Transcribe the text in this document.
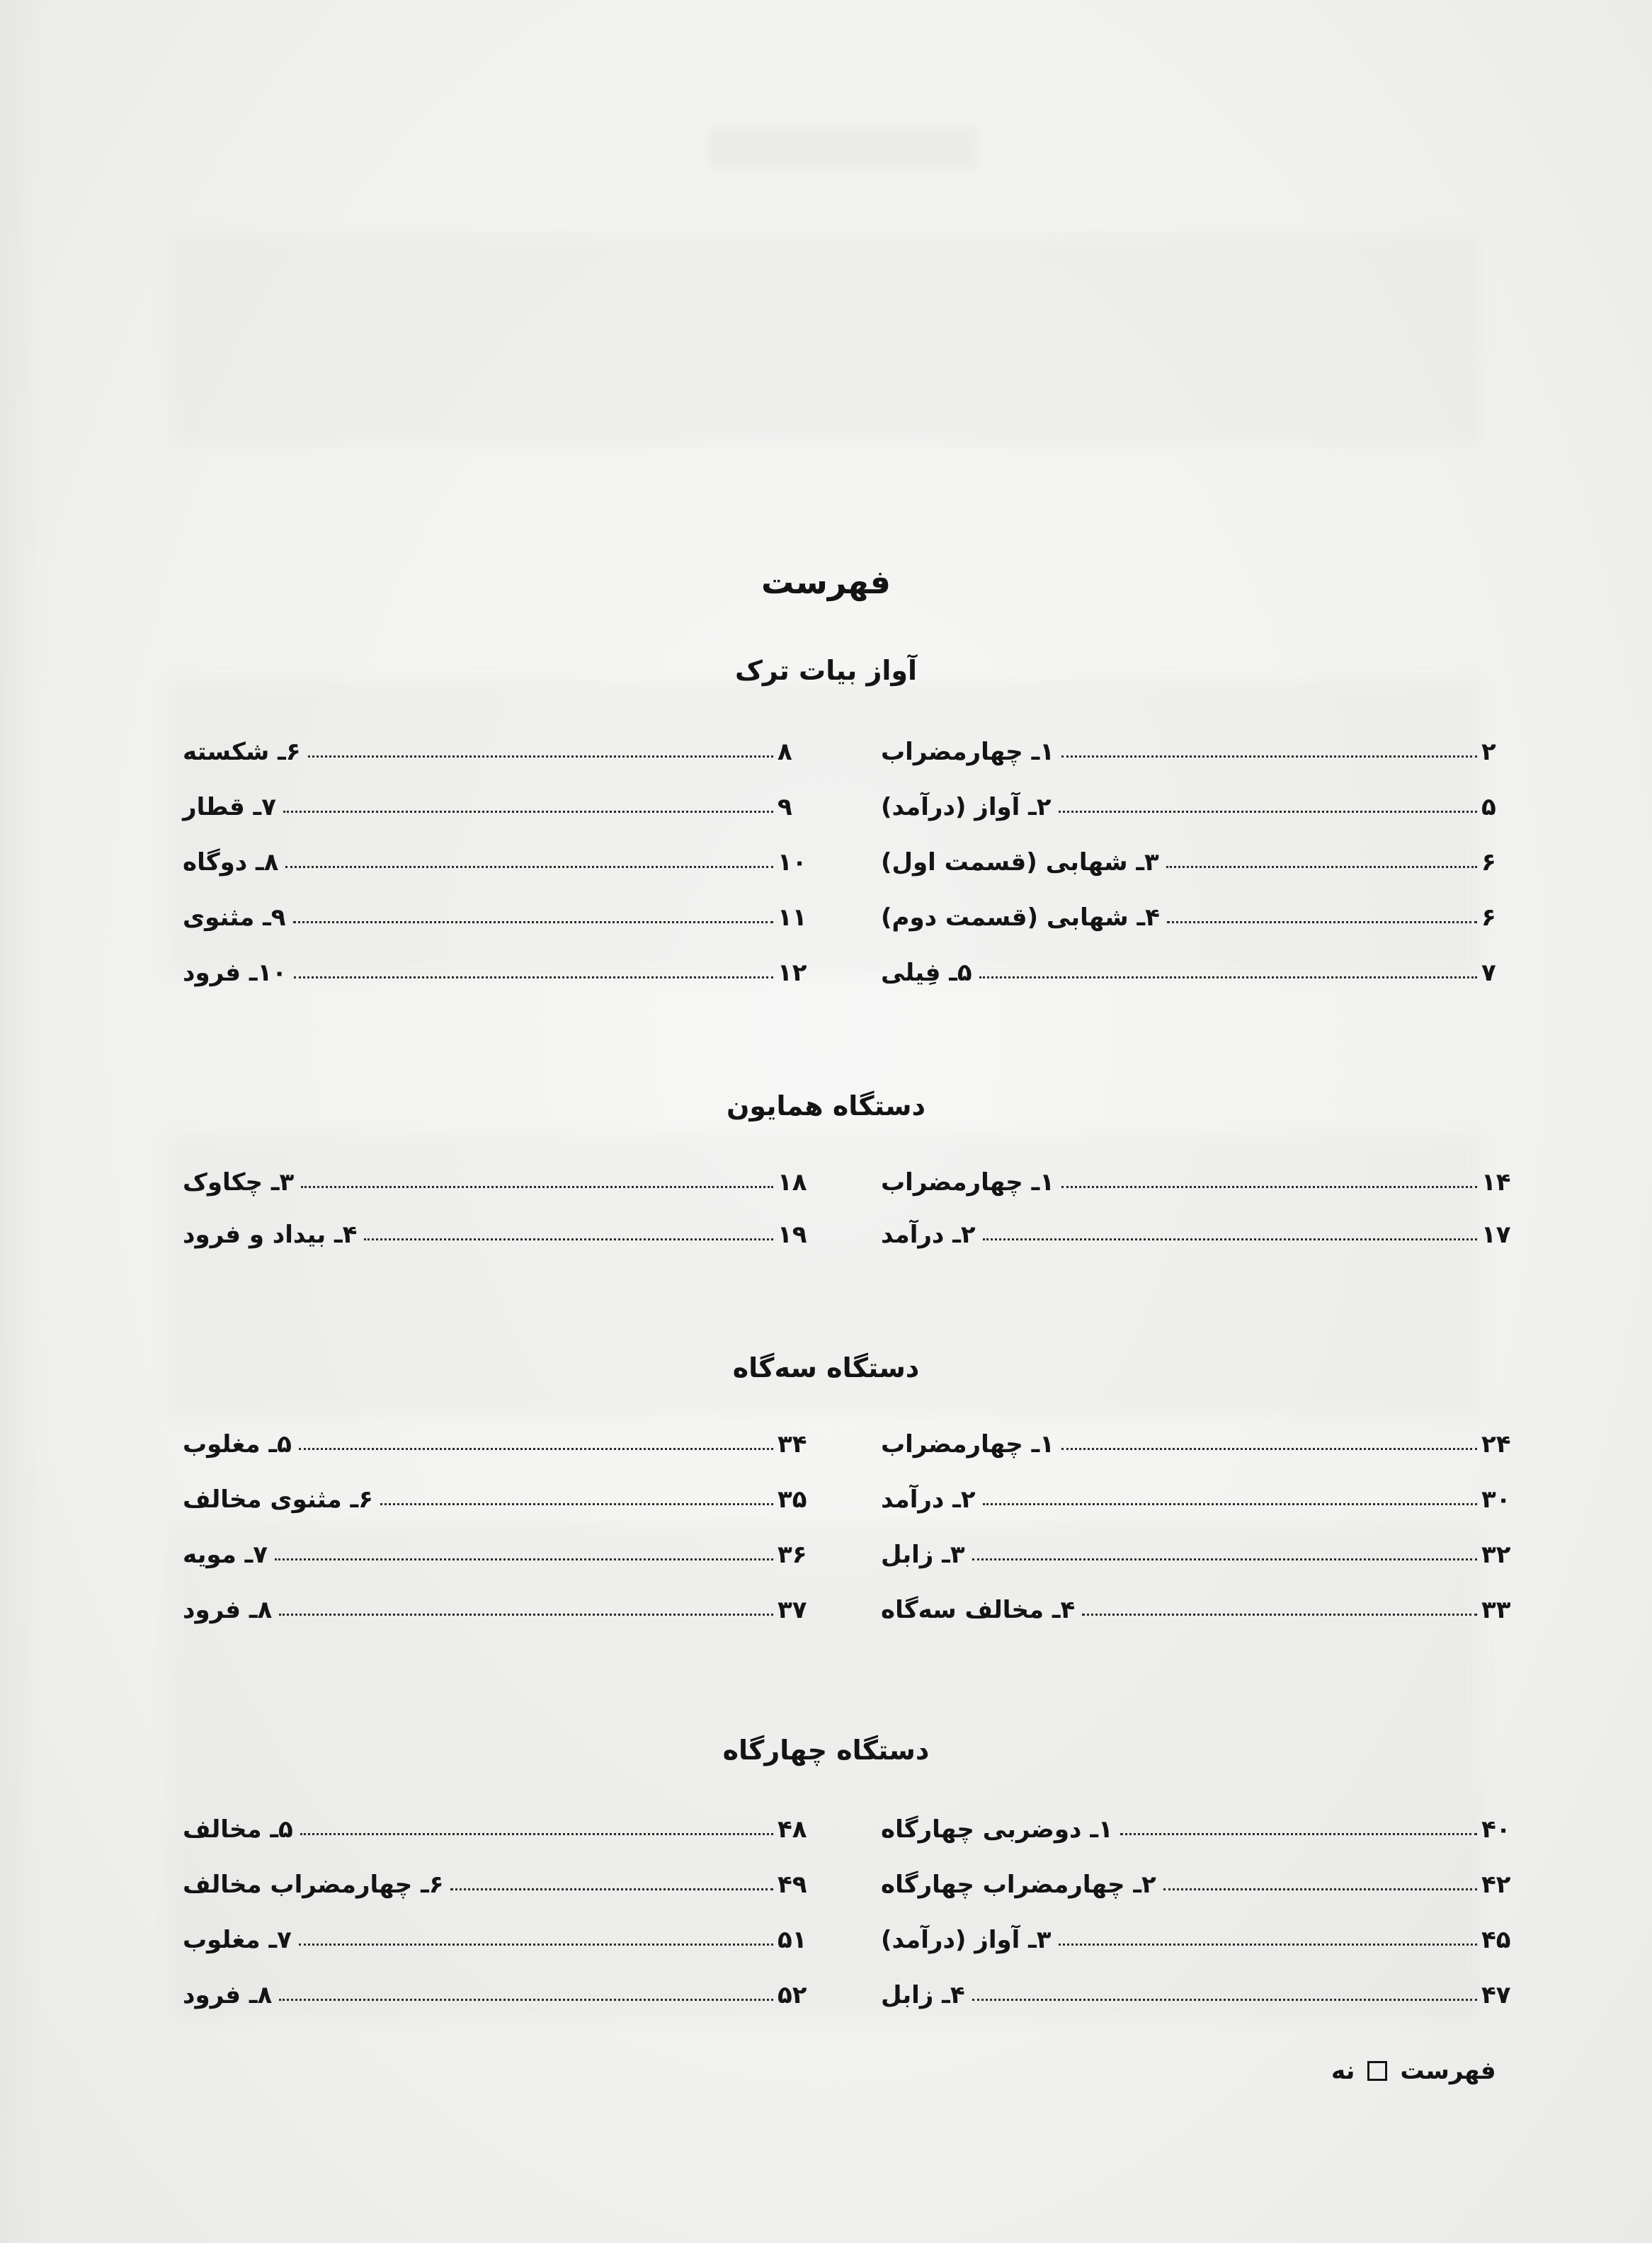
فهرست
آواز بیات ترک
۱ـ چهارمضراب	۲
۲ـ آواز (درآمد)	۵
۳ـ شهابی (قسمت اول)	۶
۴ـ شهابی (قسمت دوم)	۶
۵ـ فِیلی	۷
۶ـ شکسته	۸
۷ـ قطار	۹
۸ـ دوگاه	۱۰
۹ـ مثنوی	۱۱
۱۰ـ فرود	۱۲
دستگاه همایون
۱ـ چهارمضراب	۱۴
۲ـ درآمد	۱۷
۳ـ چکاوک	۱۸
۴ـ بیداد و فرود	۱۹
دستگاه سه‌گاه
۱ـ چهارمضراب	۲۴
۲ـ درآمد	۳۰
۳ـ زابل	۳۲
۴ـ مخالف سه‌گاه	۳۳
۵ـ مغلوب	۳۴
۶ـ مثنوی مخالف	۳۵
۷ـ مویه	۳۶
۸ـ فرود	۳۷
دستگاه چهارگاه
۱ـ دوضربی چهارگاه	۴۰
۲ـ چهارمضراب چهارگاه	۴۲
۳ـ آواز (درآمد)	۴۵
۴ـ زابل	۴۷
۵ـ مخالف	۴۸
۶ـ چهارمضراب مخالف	۴۹
۷ـ مغلوب	۵۱
۸ـ فرود	۵۲
نه فهرست
